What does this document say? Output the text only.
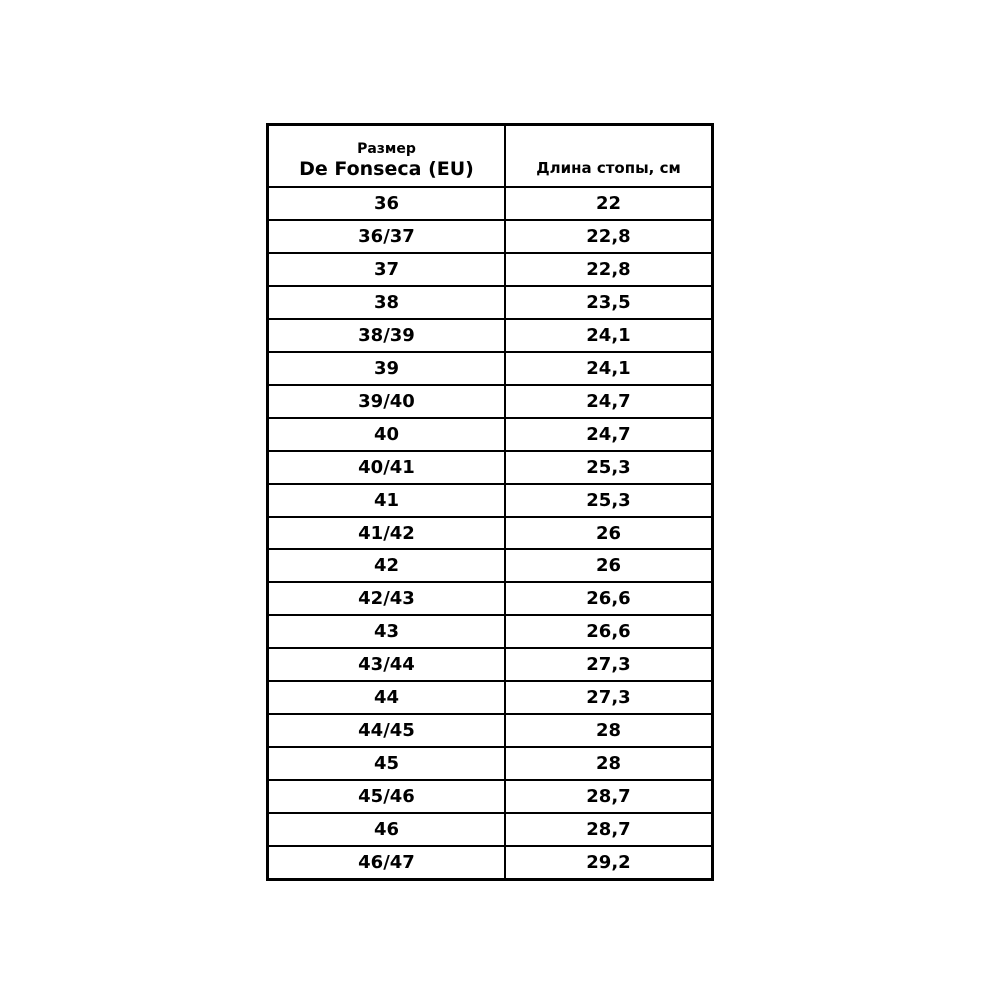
Размер
De Fonseca (EU)	Длина стопы, см
36	22
36/37	22,8
37	22,8
38	23,5
38/39	24,1
39	24,1
39/40	24,7
40	24,7
40/41	25,3
41	25,3
41/42	26
42	26
42/43	26,6
43	26,6
43/44	27,3
44	27,3
44/45	28
45	28
45/46	28,7
46	28,7
46/47	29,2
